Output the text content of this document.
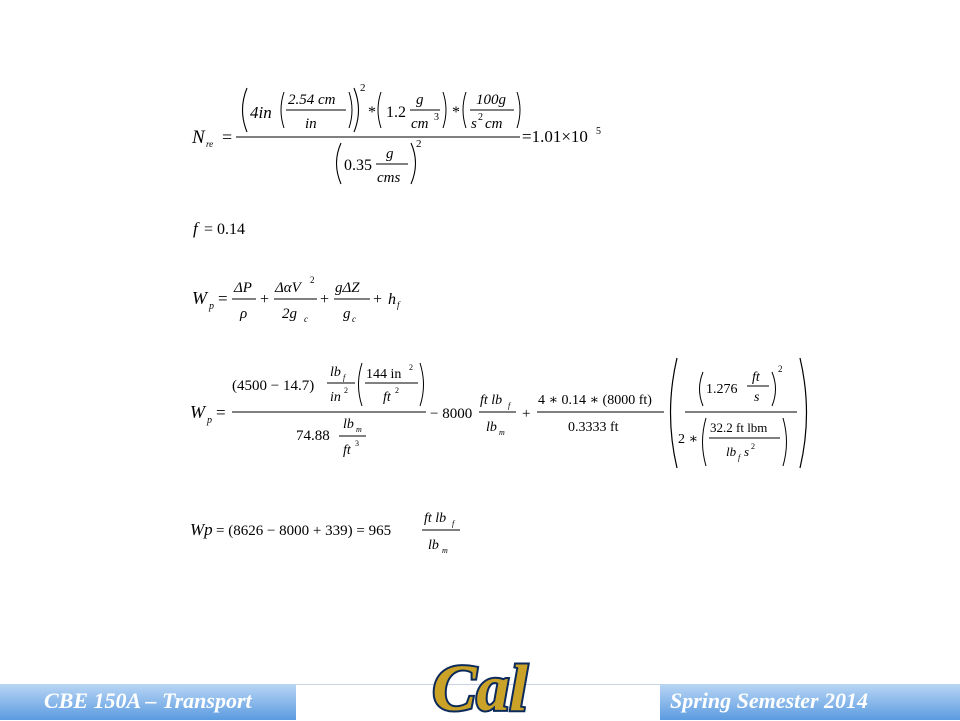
N re =
4in
2.54 cm
in
2
* 1.2
g
cm 3 *
100g
s 2 cm
0.35
g
cms
2	=1.01×10 5
f = 0.14
W p =
ΔP
ρ
+
ΔαV 2
2g c
+
gΔZ
g c
+ h f
W p =
(4500 − 14.7)
lb f
in 2
144 in 2
ft 2
74.88
lb m
ft 3
− 8000
ft lb f
lb m
+
4 ∗ 0.14 ∗ (8000 ft)
0.3333 ft
1.276
ft
s
2
2 ∗
32.2 ft lbm
lb f s 2
Wp = (8626 − 8000 + 339) = 965
ft lb f
lb m
CBE 150A – Transport	Spring Semester 2014
Cal
